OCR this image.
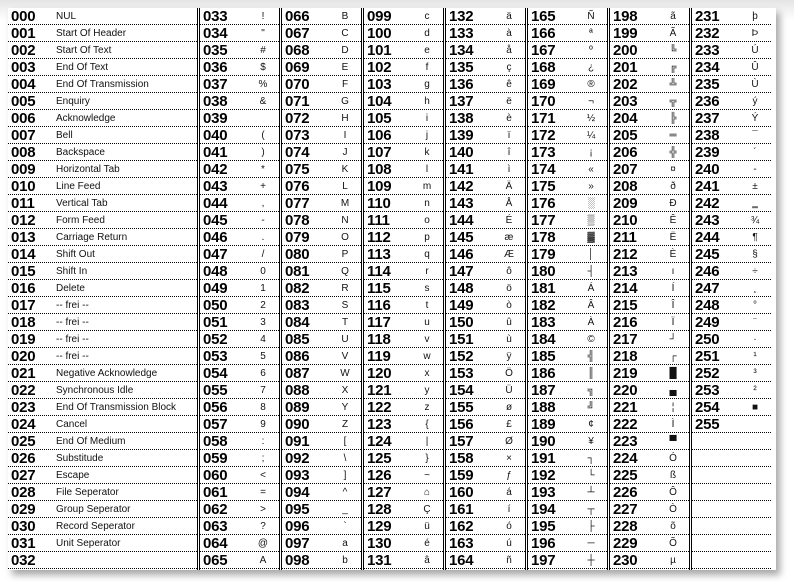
000	NUL
001	Start Of Header
002	Start Of Text
003	End Of Text
004	End Of Transmission
005	Enquiry
006	Acknowledge
007	Bell
008	Backspace
009	Horizontal Tab
010	Line Feed
011	Vertical Tab
012	Form Feed
013	Carriage Return
014	Shift Out
015	Shift In
016	Delete
017	-- frei --
018	-- frei --
019	-- frei --
020	-- frei --
021	Negative Acknowledge
022	Synchronous Idle
023	End Of Transmission Block
024	Cancel
025	End Of Medium
026	Substitude
027	Escape
028	File Seperator
029	Group Seperator
030	Record Seperator
031	Unit Seperator
032
033	!
034	"
035	#
036	$
037	%
038	&
039
040	(
041	)
042	*
043	+
044	,
045	-
046	.
047	/
048	0
049	1
050	2
051	3
052	4
053	5
054	6
055	7
056	8
057	9
058	:
059	;
060	<
061	=
062	>
063	?
064	@
065	A
066	B
067	C
068	D
069	E
070	F
071	G
072	H
073	I
074	J
075	K
076	L
077	M
078	N
079	O
080	P
081	Q
082	R
083	S
084	T
085	U
086	V
087	W
088	X
089	Y
090	Z
091	[
092	\
093	]
094	^
095	_
096	`
097	a
098	b
099	c
100	d
101	e
102	f
103	g
104	h
105	i
106	j
107	k
108	l
109	m
110	n
111	o
112	p
113	q
114	r
115	s
116	t
117	u
118	v
119	w
120	x
121	y
122	z
123	{
124	|
125	}
126	~
127	⌂
128	Ç
129	ü
130	é
131	â
132	ä
133	à
134	å
135	ç
136	ê
137	ë
138	è
139	ï
140	î
141	ì
142	Ä
143	Å
144	É
145	æ
146	Æ
147	ô
148	ö
149	ò
150	û
151	ù
152	ÿ
153	Ö
154	Ü
155	ø
156	£
157	Ø
158	×
159	ƒ
160	á
161	í
162	ó
163	ú
164	ñ
165	Ñ
166	ª
167	º
168	¿
169	®
170	¬
171	½
172	¼
173	¡
174	«
175	»
176	░
177	▒
178	▓
179	│
180	┤
181	Á
182	Â
183	À
184	©
185	╣
186	║
187	╗
188	╝
189	¢
190	¥
191	┐
192	└
193	┴
194	┬
195	├
196	─
197	┼
198	ã
199	Ã
200	╚
201	╔
202	╩
203	╦
204	╠
205	═
206	╬
207	¤
208	ð
209	Ð
210	Ê
211	Ë
212	È
213	ı
214	Í
215	Î
216	Ï
217	┘
218	┌
219	█
220	▄
221	¦
222	Ì
223	▀
224	Ó
225	ß
226	Ô
227	Ò
228	õ
229	Õ
230	µ
231	þ
232	Þ
233	Ú
234	Û
235	Ù
236	ý
237	Ý
238	¯
239	´
240	-
241	±
242	‗
243	¾
244	¶
245	§
246	÷
247	¸
248	°
249	¨
250	·
251	¹
252	³
253	²
254	■
255
